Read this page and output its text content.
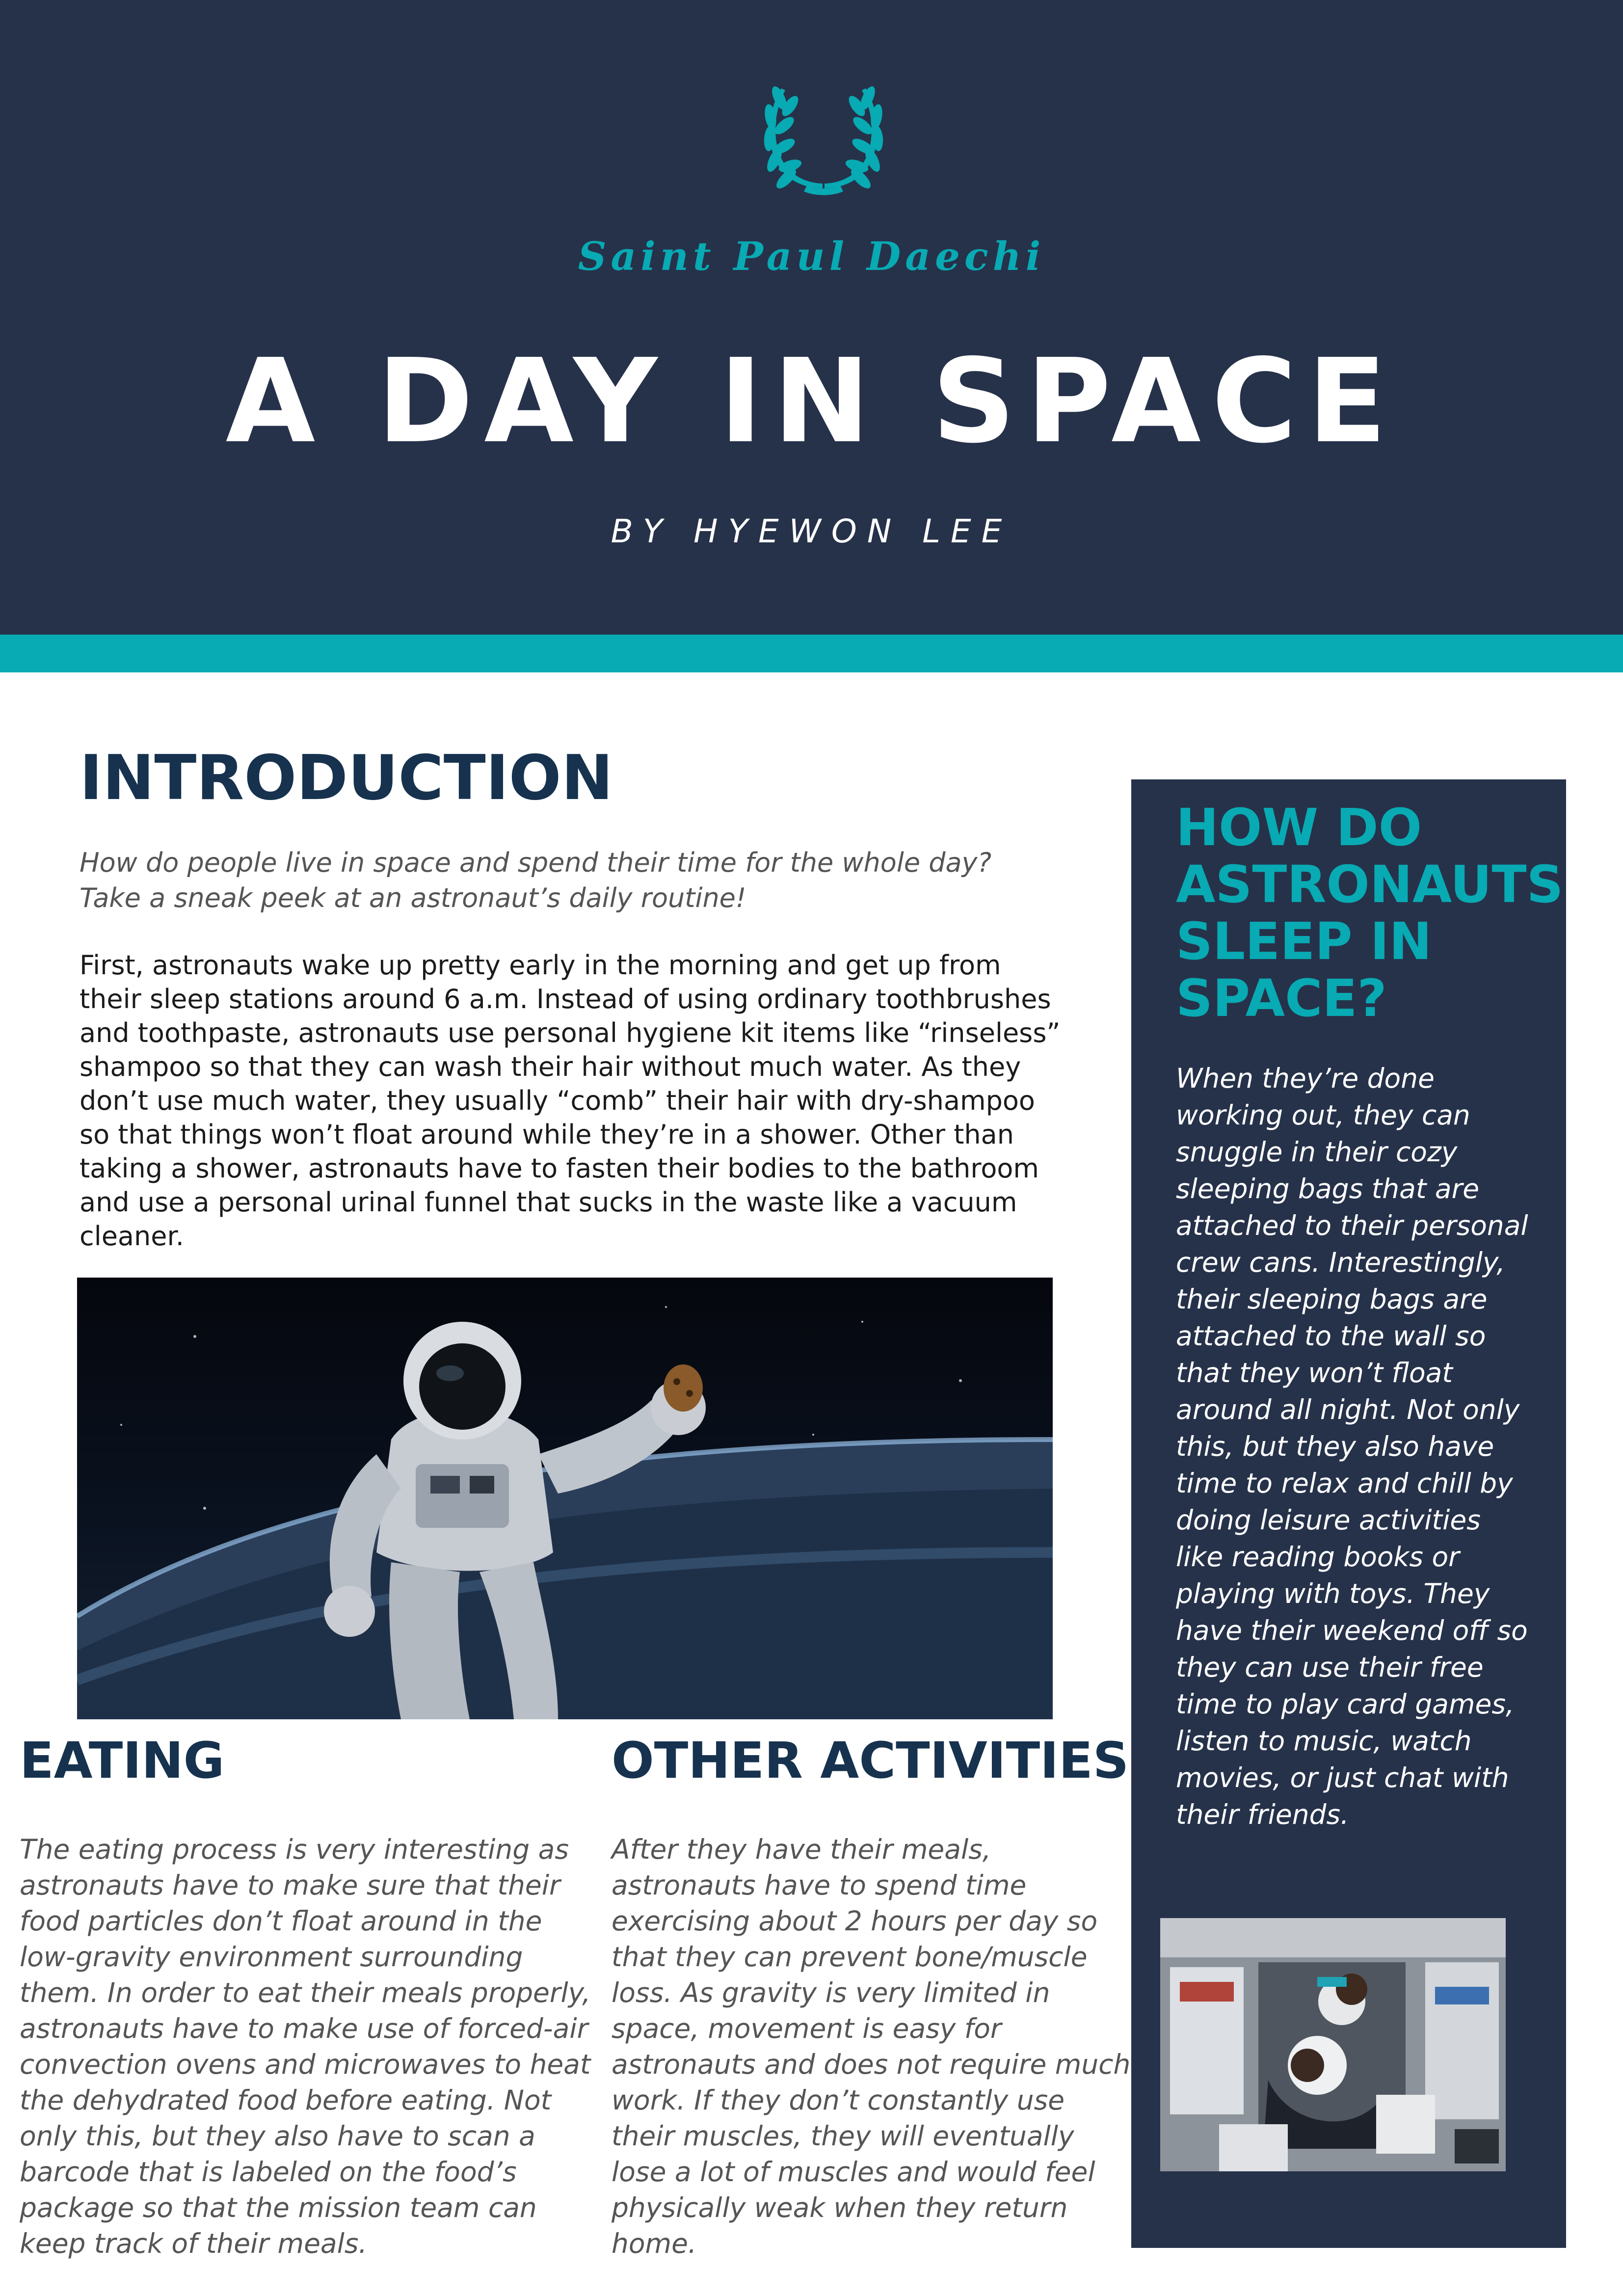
Saint Paul Daechi
A DAY IN SPACE
BY HYEWON LEE
INTRODUCTION

How do people live in space and spend their time for the whole day? Take a sneak peek at an astronaut’s daily routine!

First, astronauts wake up pretty early in the morning and get up from their sleep stations around 6 a.m. Instead of using ordinary toothbrushes and toothpaste, astronauts use personal hygiene kit items like “rinseless” shampoo so that they can wash their hair without much water. As they don’t use much water, they usually “comb” their hair with dry-shampoo so that things won’t float around while they’re in a shower. Other than taking a shower, astronauts have to fasten their bodies to the bathroom and use a personal urinal funnel that sucks in the waste like a vacuum cleaner.

EATING

The eating process is very interesting as astronauts have to make sure that their food particles don’t float around in the low-gravity environment surrounding them. In order to eat their meals properly, astronauts have to make use of forced-air convection ovens and microwaves to heat the dehydrated food before eating. Not only this, but they also have to scan a barcode that is labeled on the food’s package so that the mission team can keep track of their meals.

OTHER ACTIVITIES

After they have their meals, astronauts have to spend time exercising about 2 hours per day so that they can prevent bone/muscle loss. As gravity is very limited in space, movement is easy for astronauts and does not require much work. If they don’t constantly use their muscles, they will eventually lose a lot of muscles and would feel physically weak when they return home.

HOW DO ASTRONAUTS SLEEP IN SPACE?

When they’re done working out, they can snuggle in their cozy sleeping bags that are attached to their personal crew cans. Interestingly, their sleeping bags are attached to the wall so that they won’t float around all night. Not only this, but they also have time to relax and chill by doing leisure activities like reading books or playing with toys. They have their weekend off so they can use their free time to play card games, listen to music, watch movies, or just chat with their friends.
